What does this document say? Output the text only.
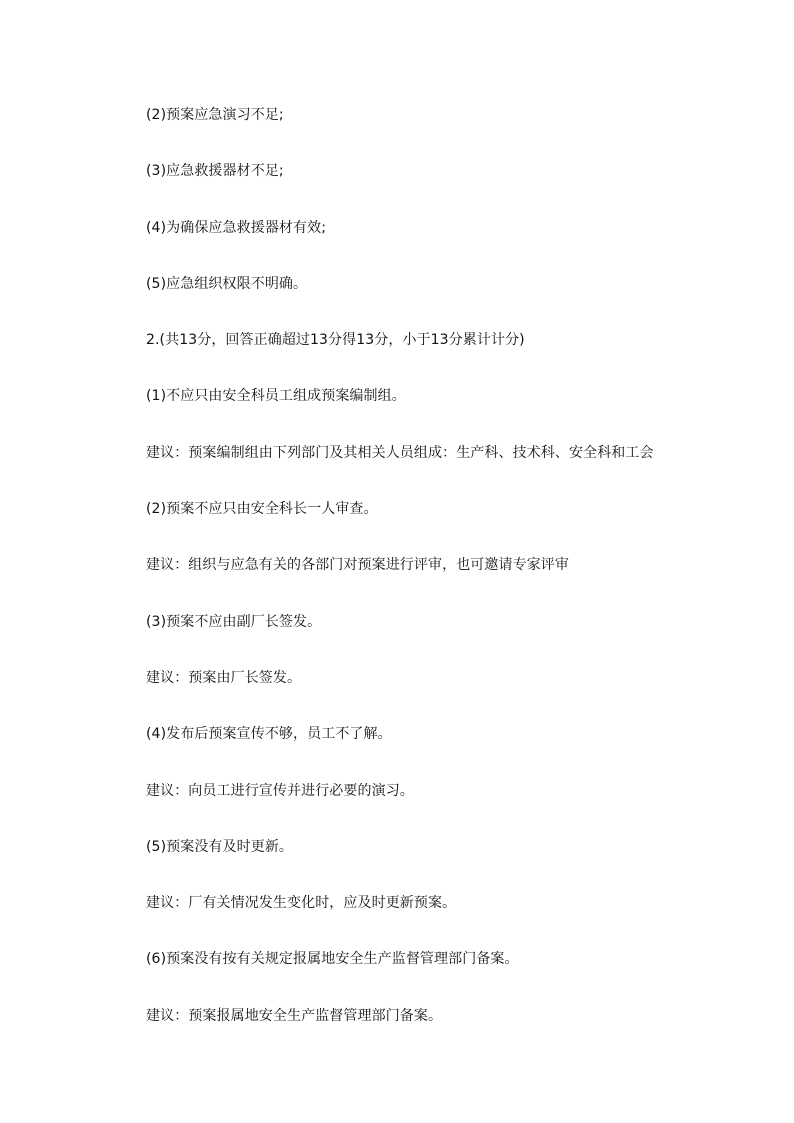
(2)预案应急演习不足;
(3)应急救援器材不足;
(4)为确保应急救援器材有效;
(5)应急组织权限不明确。
2.(共13分，回答正确超过13分得13分，小于13分累计计分)
(1)不应只由安全科员工组成预案编制组。
建议：预案编制组由下列部门及其相关人员组成：生产科、技术科、安全科和工会
(2)预案不应只由安全科长一人审查。
建议：组织与应急有关的各部门对预案进行评审，也可邀请专家评审
(3)预案不应由副厂长签发。
建议：预案由厂长签发。
(4)发布后预案宣传不够，员工不了解。
建议：向员工进行宣传并进行必要的演习。
(5)预案没有及时更新。
建议：厂有关情况发生变化时，应及时更新预案。
(6)预案没有按有关规定报属地安全生产监督管理部门备案。
建议：预案报属地安全生产监督管理部门备案。
